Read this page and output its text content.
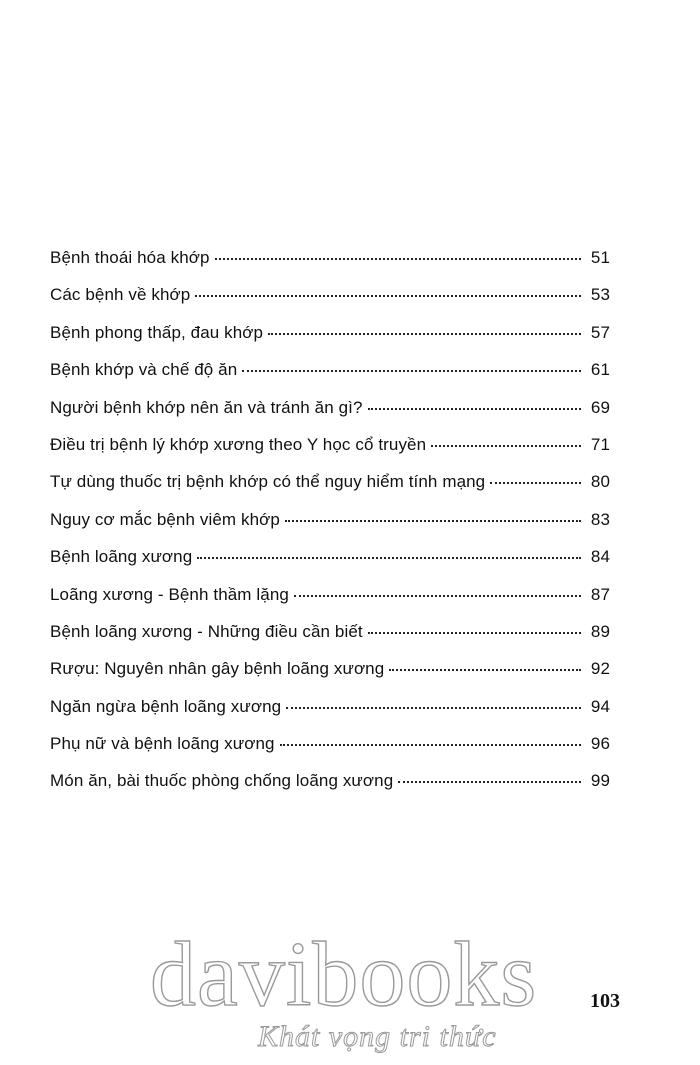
Bệnh thoái hóa khớp	51
Các bệnh về khớp	53
Bệnh phong thấp, đau khớp	57
Bệnh khớp và chế độ ăn	61
Người bệnh khớp nên ăn và tránh ăn gì?	69
Điều trị bệnh lý khớp xương theo Y học cổ truyền	71
Tự dùng thuốc trị bệnh khớp có thể nguy hiểm tính mạng	80
Nguy cơ mắc bệnh viêm khớp	83
Bệnh loãng xương	84
Loãng xương - Bệnh thầm lặng	87
Bệnh loãng xương - Những điều cần biết	89
Rượu: Nguyên nhân gây bệnh loãng xương	92
Ngăn ngừa bệnh loãng xương	94
Phụ nữ và bệnh loãng xương	96
Món ăn, bài thuốc phòng chống loãng xương	99
davibooks	103
Khát vọng tri thức
